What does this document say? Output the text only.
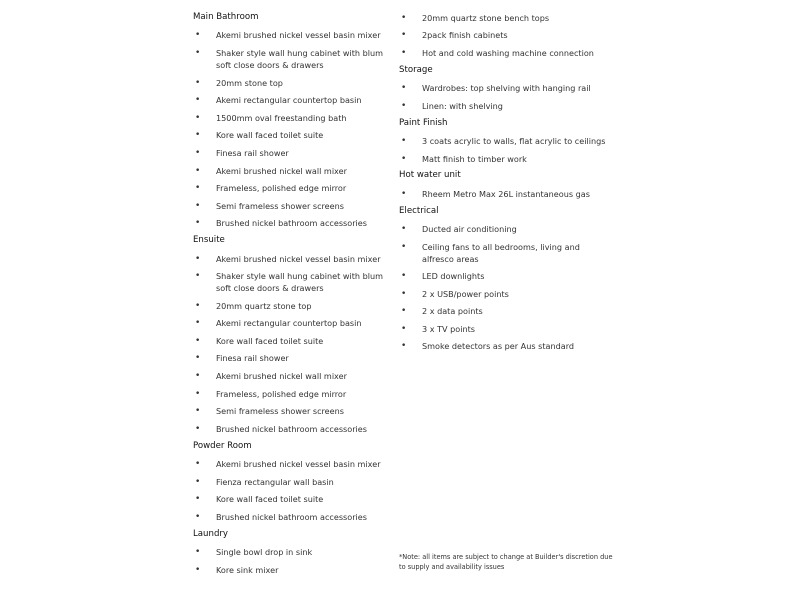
Main Bathroom
• Akemi brushed nickel vessel basin mixer
• Shaker style wall hung cabinet with blum soft close doors & drawers
• 20mm stone top
• Akemi rectangular countertop basin
• 1500mm oval freestanding bath
• Kore wall faced toilet suite
• Finesa rail shower
• Akemi brushed nickel wall mixer
• Frameless, polished edge mirror
• Semi frameless shower screens
• Brushed nickel bathroom accessories
Ensuite
• Akemi brushed nickel vessel basin mixer
• Shaker style wall hung cabinet with blum soft close doors & drawers
• 20mm quartz stone top
• Akemi rectangular countertop basin
• Kore wall faced toilet suite
• Finesa rail shower
• Akemi brushed nickel wall mixer
• Frameless, polished edge mirror
• Semi frameless shower screens
• Brushed nickel bathroom accessories
Powder Room
• Akemi brushed nickel vessel basin mixer
• Fienza rectangular wall basin
• Kore wall faced toilet suite
• Brushed nickel bathroom accessories
Laundry
• Single bowl drop in sink
• Kore sink mixer
• 20mm quartz stone bench tops
• 2pack finish cabinets
• Hot and cold washing machine connection
Storage
• Wardrobes: top shelving with hanging rail
• Linen: with shelving
Paint Finish
• 3 coats acrylic to walls, flat acrylic to ceilings
• Matt finish to timber work
Hot water unit
• Rheem Metro Max 26L instantaneous gas
Electrical
• Ducted air conditioning
• Ceiling fans to all bedrooms, living and alfresco areas
• LED downlights
• 2 x USB/power points
• 2 x data points
• 3 x TV points
• Smoke detectors as per Aus standard
*Note: all items are subject to change at Builder's discretion due to supply and availability issues
